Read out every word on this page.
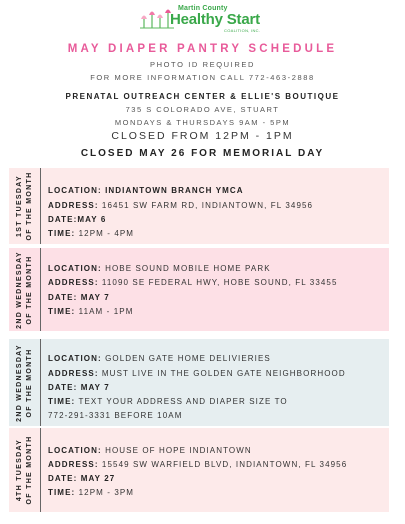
Martin County
Healthy Start
COALITION, INC.
MAY DIAPER PANTRY SCHEDULE
PHOTO ID REQUIRED
FOR MORE INFORMATION CALL 772-463-2888
PRENATAL OUTREACH CENTER & ELLIE'S BOUTIQUE
735 S COLORADO AVE, STUART
MONDAYS & THURSDAYS 9AM - 5PM
CLOSED FROM 12PM - 1PM
CLOSED MAY 26 FOR MEMORIAL DAY
1ST TUESDAY OF THE MONTH LOCATION: INDIANTOWN BRANCH YMCA
ADDRESS: 16451 SW FARM RD, INDIANTOWN, FL 34956
DATE:MAY 6
TIME: 12PM - 4PM
2ND WEDNESDAY OF THE MONTH LOCATION: HOBE SOUND MOBILE HOME PARK
ADDRESS: 11090 SE FEDERAL HWY, HOBE SOUND, FL 33455
DATE: MAY 7
TIME: 11AM - 1PM
2ND WEDNESDAY OF THE MONTH LOCATION: GOLDEN GATE HOME DELIVIERIES
ADDRESS: MUST LIVE IN THE GOLDEN GATE NEIGHBORHOOD
DATE: MAY 7
TIME: TEXT YOUR ADDRESS AND DIAPER SIZE TO
772-291-3331 BEFORE 10AM
4TH TUESDAY OF THE MONTH LOCATION: HOUSE OF HOPE INDIANTOWN
ADDRESS: 15549 SW WARFIELD BLVD, INDIANTOWN, FL 34956
DATE: MAY 27
TIME: 12PM - 3PM
